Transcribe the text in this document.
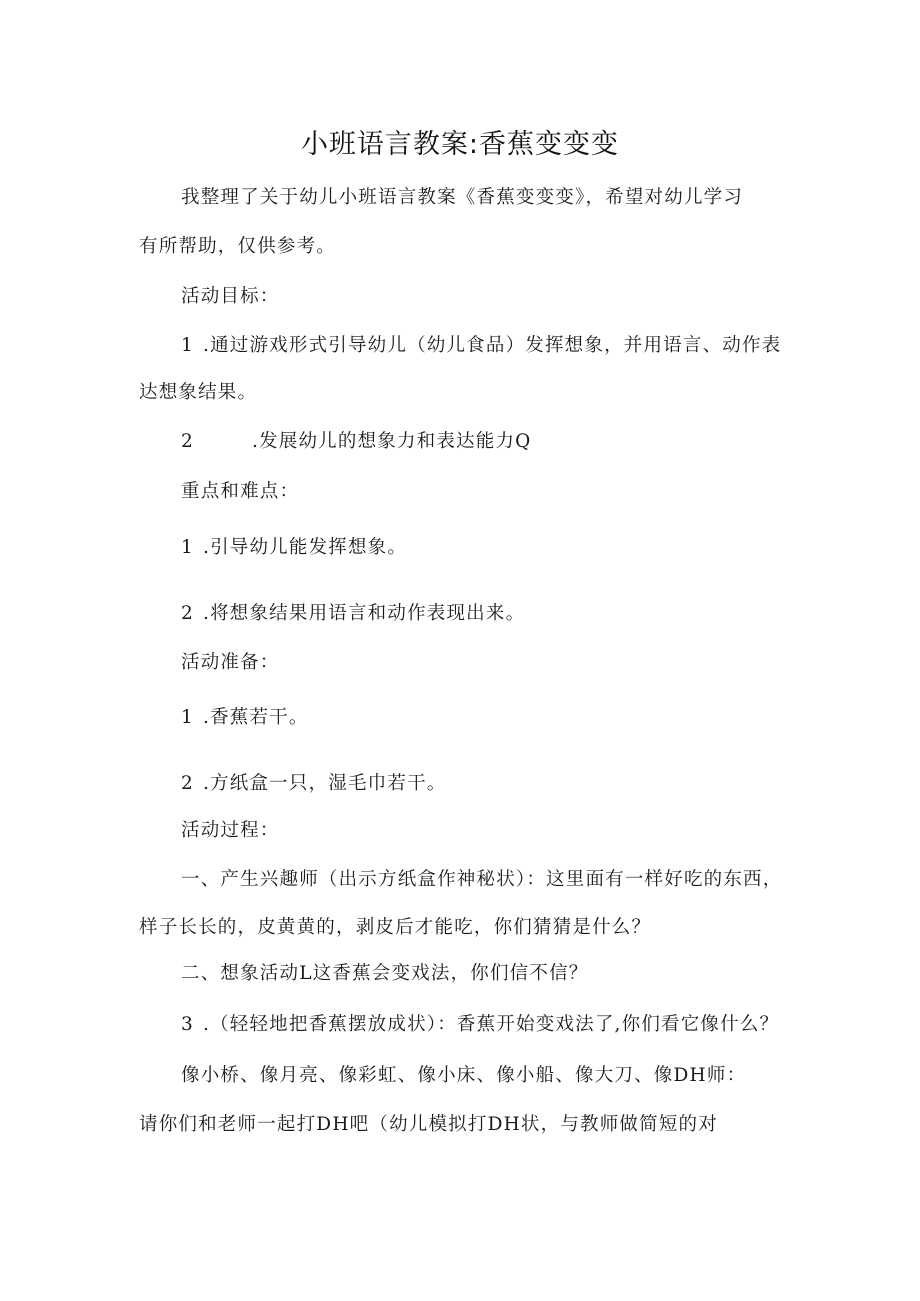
小班语言教案:香蕉变变变
我整理了关于幼儿小班语言教案《香蕉变变变》，希望对幼儿学习
有所帮助，仅供参考。
活动目标：
1 .通过游戏形式引导幼儿（幼儿食品）发挥想象，并用语言、动作表
达想象结果。
2	.发展幼儿的想象力和表达能力Q
重点和难点：
1 .引导幼儿能发挥想象。
2 .将想象结果用语言和动作表现出来。
活动准备：
1 .香蕉若干。
2 .方纸盒一只，湿毛巾若干。
活动过程：
一、产生兴趣师（出示方纸盒作神秘状）：这里面有一样好吃的东西，
样子长长的，皮黄黄的，剥皮后才能吃，你们猜猜是什么？
二、想象活动L这香蕉会变戏法，你们信不信？
3 .（轻轻地把香蕉摆放成状）：香蕉开始变戏法了,你们看它像什么？
像小桥、像月亮、像彩虹、像小床、像小船、像大刀、像DH师：
请你们和老师一起打DH吧（幼儿模拟打DH状，与教师做简短的对
